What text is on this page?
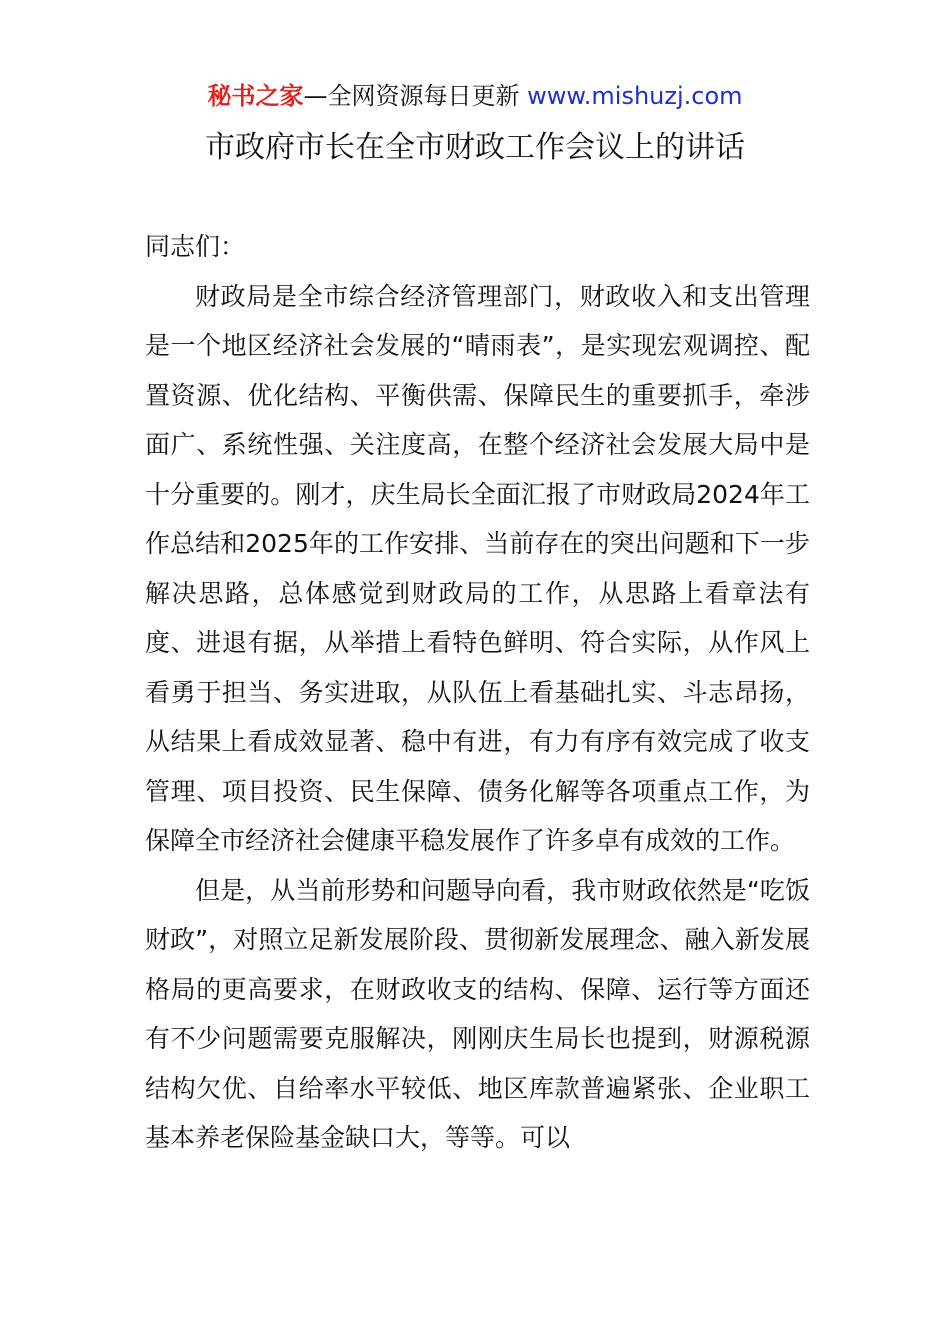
秘书之家—全网资源每日更新 www.mishuzj.com
市政府市长在全市财政工作会议上的讲话

同志们：

财政局是全市综合经济管理部门，财政收入和支出管理是一个地区经济社会发展的“晴雨表”，是实现宏观调控、配置资源、优化结构、平衡供需、保障民生的重要抓手，牵涉面广、系统性强、关注度高，在整个经济社会发展大局中是十分重要的。刚才，庆生局长全面汇报了市财政局2024年工作总结和2025年的工作安排、当前存在的突出问题和下一步解决思路，总体感觉到财政局的工作，从思路上看章法有度、进退有据，从举措上看特色鲜明、符合实际，从作风上看勇于担当、务实进取，从队伍上看基础扎实、斗志昂扬，从结果上看成效显著、稳中有进，有力有序有效完成了收支管理、项目投资、民生保障、债务化解等各项重点工作，为保障全市经济社会健康平稳发展作了许多卓有成效的工作。

但是，从当前形势和问题导向看，我市财政依然是“吃饭财政”，对照立足新发展阶段、贯彻新发展理念、融入新发展格局的更高要求，在财政收支的结构、保障、运行等方面还有不少问题需要克服解决，刚刚庆生局长也提到，财源税源结构欠优、自给率水平较低、地区库款普遍紧张、企业职工基本养老保险基金缺口大，等等。可以
